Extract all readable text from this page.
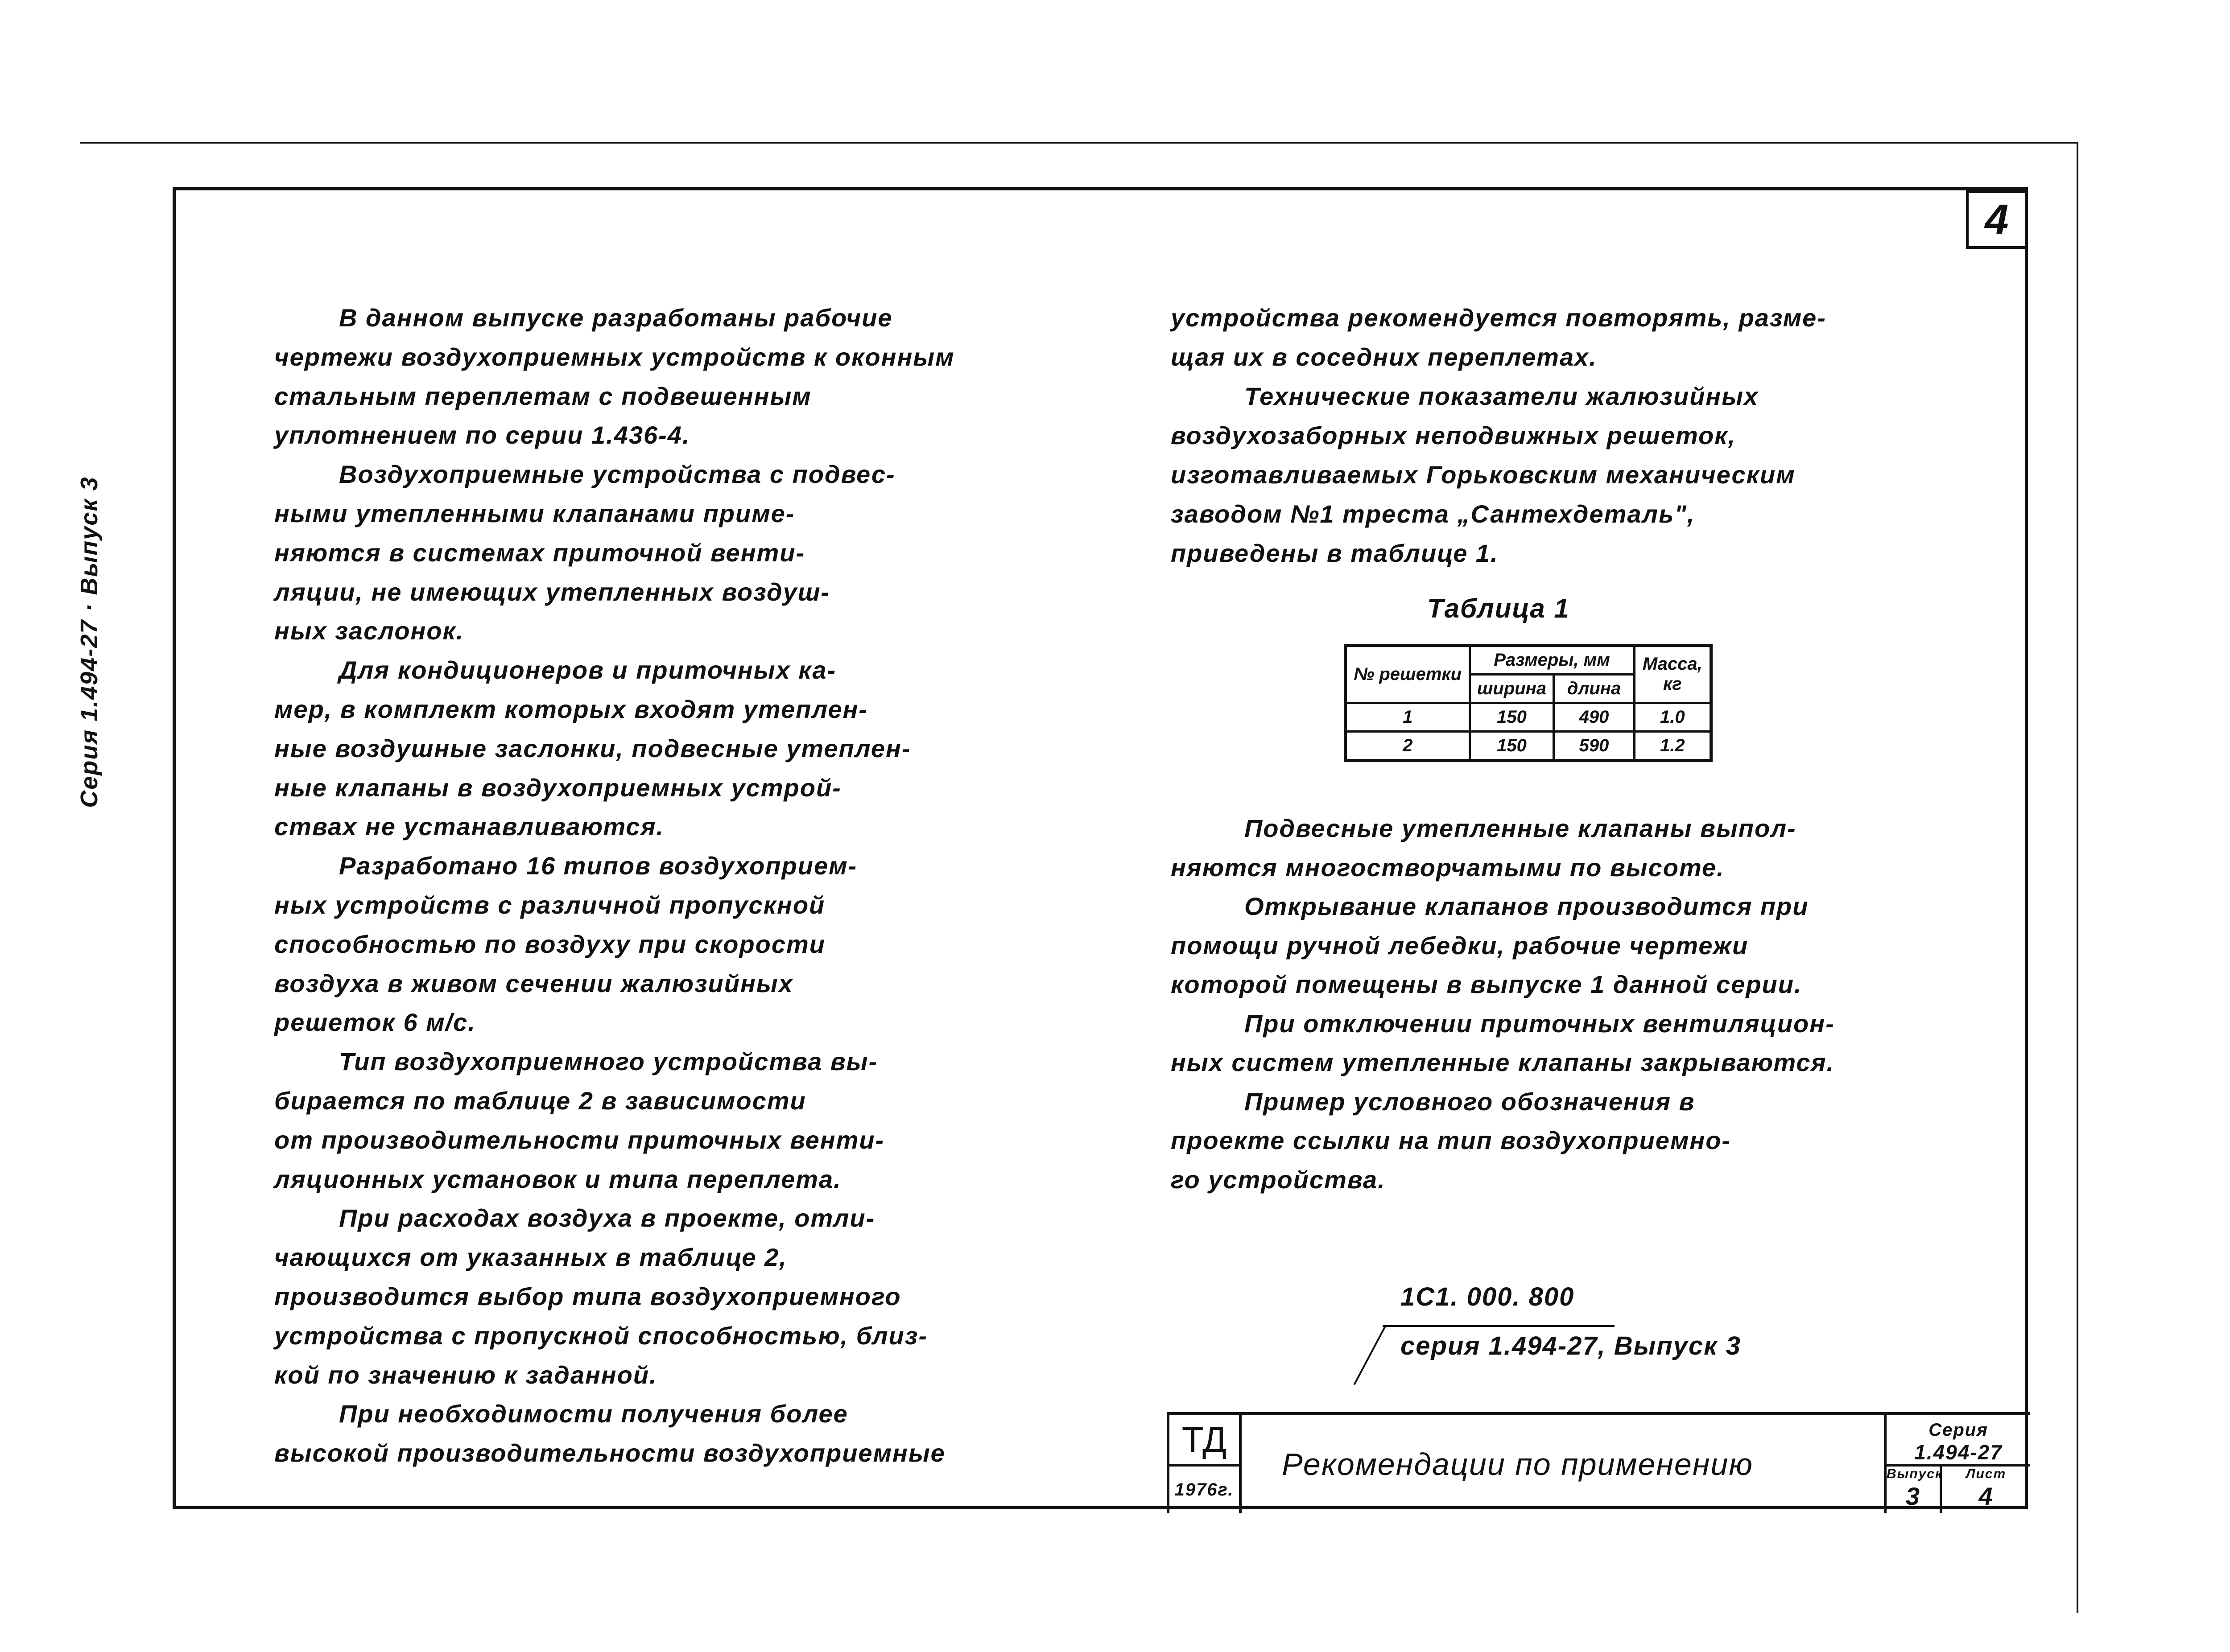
4
Серия 1.494-27 · Выпуск 3
В данном выпуске разработаны рабочие
чертежи воздухоприемных устройств к оконным
стальным переплетам с подвешенным
уплотнением по серии 1.436-4.
Воздухоприемные устройства с подвес-
ными утепленными клапанами приме-
няются в системах приточной венти-
ляции, не имеющих утепленных воздуш-
ных заслонок.
Для кондиционеров и приточных ка-
мер, в комплект которых входят утеплен-
ные воздушные заслонки, подвесные утеплен-
ные клапаны в воздухоприемных устрой-
ствах не устанавливаются.
Разработано 16 типов воздухоприем-
ных устройств с различной пропускной
способностью по воздуху при скорости
воздуха в живом сечении жалюзийных
решеток 6 м/с.
Тип воздухоприемного устройства вы-
бирается по таблице 2 в зависимости
от производительности приточных венти-
ляционных установок и типа переплета.
При расходах воздуха в проекте, отли-
чающихся от указанных в таблице 2,
производится выбор типа воздухоприемного
устройства с пропускной способностью, близ-
кой по значению к заданной.
При необходимости получения более
высокой производительности воздухоприемные
устройства рекомендуется повторять, разме-
щая их в соседних переплетах.
Технические показатели жалюзийных
воздухозаборных неподвижных решеток,
изготавливаемых Горьковским механическим
заводом №1 треста „Сантехдеталь",
приведены в таблице 1.
Таблица 1
№ решетки	Размеры, мм		Масса, кг
	ширина	длина	
1	150	490	1.0
2	150	590	1.2
Подвесные утепленные клапаны выпол-
няются многостворчатыми по высоте.
Открывание клапанов производится при
помощи ручной лебедки, рабочие чертежи
которой помещены в выпуске 1 данной серии.
При отключении приточных вентиляцион-
ных систем утепленные клапаны закрываются.
Пример условного обозначения в
проекте ссылки на тип воздухоприемно-
го устройства.
1С1. 000. 800
серия 1.494-27, Выпуск 3
ТД
1976г.
Рекомендации по применению
Серия
1.494-27
Выпуск
3
Лист
4
